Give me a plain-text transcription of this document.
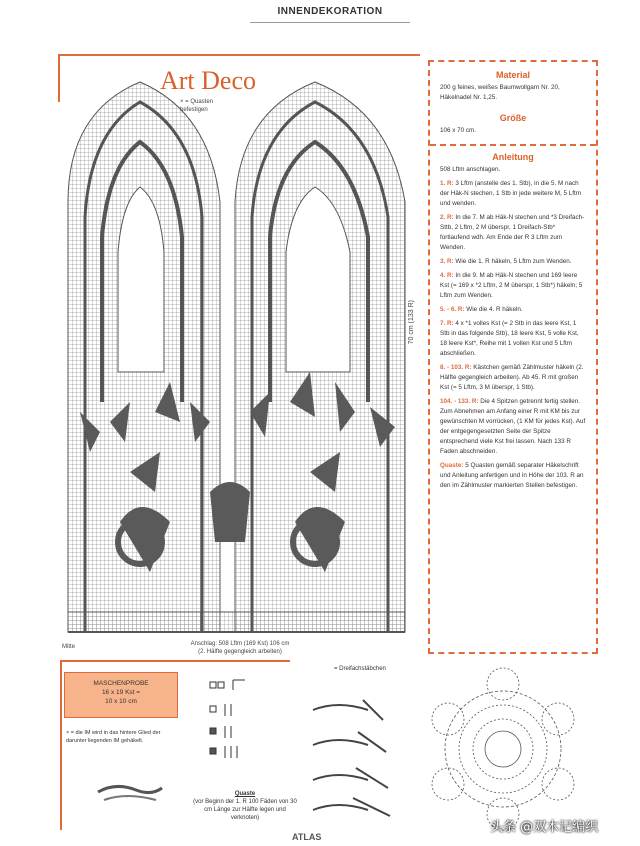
INNENDEKORATION
Art Deco
× = Quasten befestigen
70 cm (133 R)
Anschlag: 508 Lftm (169 Kst) 106 cm
(2. Hälfte gegengleich arbeiten)
Mitte
Material
200 g feines, weißes Baumwollgarn Nr. 20, Häkelnadel Nr. 1,25.
Größe
106 x 70 cm.
Anleitung
508 Lftm anschlagen.
1. R: 3 Lftm (anstelle des 1. Stb), in die 5. M nach der Häk-N stechen, 1 Stb in jede weitere M, 5 Lftm und wenden.
2. R: In die 7. M ab Häk-N stechen und *3 Dreifach-Sttb, 2 Lftm, 2 M überspr, 1 Dreifach-Stb* fortlaufend wdh. Am Ende der R 3 Lftm zum Wenden.
3. R: Wie die 1. R häkeln, 5 Lftm zum Wenden.
4. R: In die 9. M ab Häk-N stechen und 169 leere Kst (= 169 x *2 Lftm, 2 M überspr, 1 Stb*) häkeln; 5 Lftm zum Wenden.
5. - 6. R: Wie die 4. R häkeln.
7. R: 4 x *1 volles Kst (= 2 Stb in das leere Kst, 1 Stb in das folgende Stb), 18 leere Kst, 5 volle Kst, 18 leere Kst*, Reihe mit 1 vollen Kst und 5 Lftm abschließen.
8. - 103. R: Kästchen gemäß Zählmuster häkeln (2. Hälfte gegengleich arbeiten). Ab 45. R mit großen Kst (= 5 Lftm, 3 M überspr, 1 Stb).
104. - 133. R: Die 4 Spitzen getrennt fertig stellen. Zum Abnehmen am Anfang einer R mit KM bis zur gewünschten M vorrücken, (1 KM für jedes Kst). Auf der entgegengesetzten Seite der Spitze entsprechend viele Kst frei lassen. Nach 133 R Faden abschneiden.
Quaste: 5 Quasten gemäß separater Häkelschrift und Anleitung anfertigen und in Höhe der 103. R an den im Zählmuster markierten Stellen befestigen.
MASCHENPROBE
16 x 19 Kst =
10 x 10 cm
× = die IM wird in das hintere Glied der darunter liegenden IM gehäkelt.
Quaste
(vor Beginn der 1. R 100 Fäden von 30 cm Länge zur Hälfte legen und verknoten)
= Dreifachstäbchen
ATLAS
头条 @双木记编织
